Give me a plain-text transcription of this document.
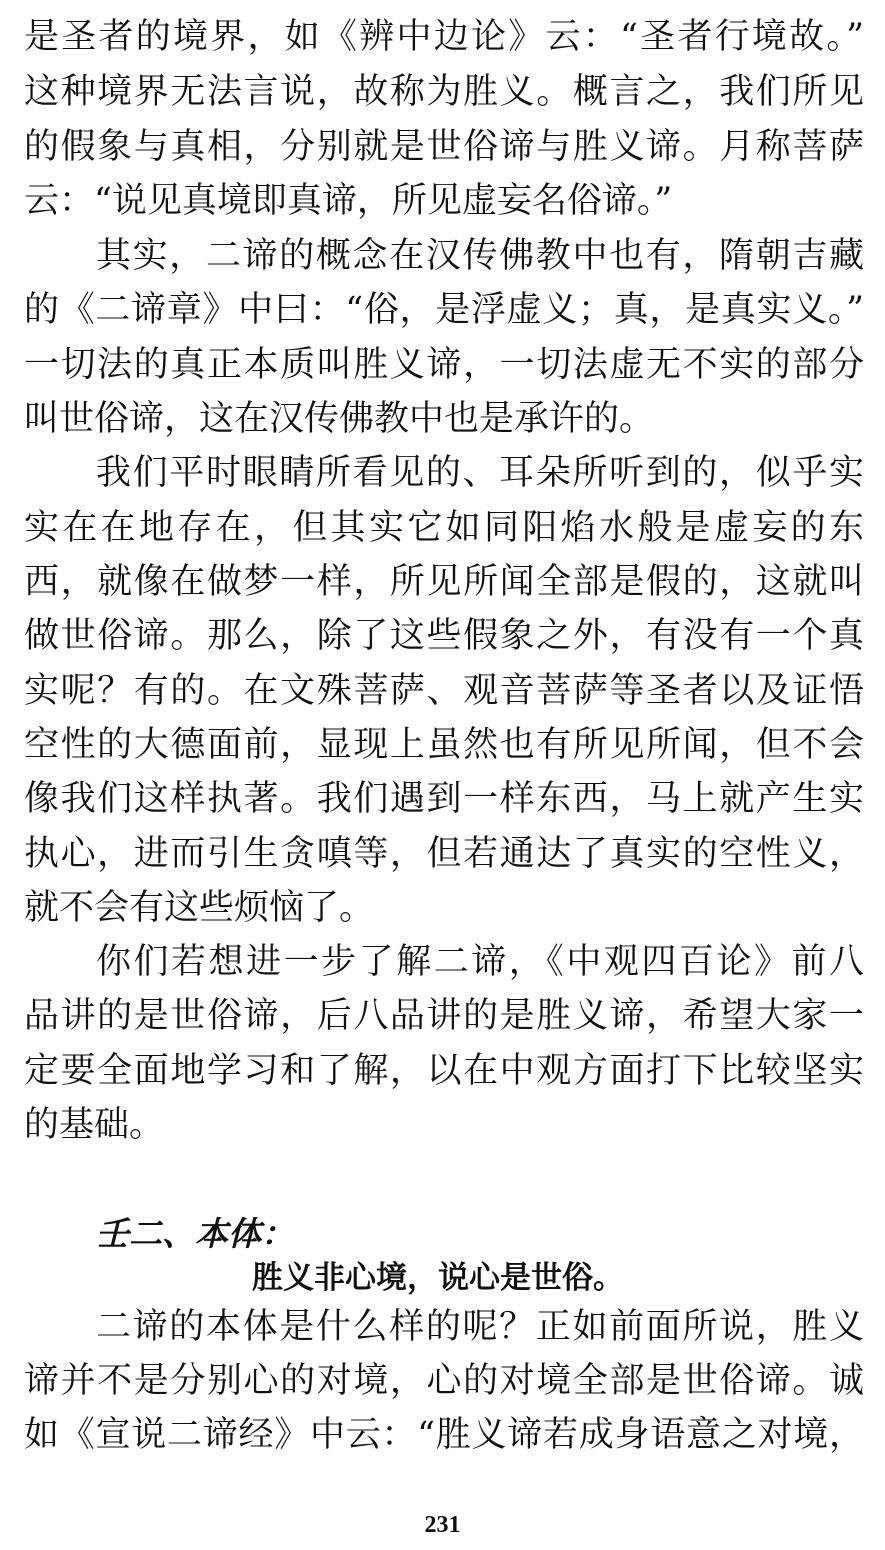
是圣者的境界，如《辨中边论》云：“圣者行境故。”
这种境界无法言说，故称为胜义。概言之，我们所见
的假象与真相，分别就是世俗谛与胜义谛。月称菩萨
云：“说见真境即真谛，所见虚妄名俗谛。”
其实，二谛的概念在汉传佛教中也有，隋朝吉藏
的《二谛章》中曰：“俗，是浮虚义；真，是真实义。”
一切法的真正本质叫胜义谛，一切法虚无不实的部分
叫世俗谛，这在汉传佛教中也是承许的。
我们平时眼睛所看见的、耳朵所听到的，似乎实
实在在地存在，但其实它如同阳焰水般是虚妄的东
西，就像在做梦一样，所见所闻全部是假的，这就叫
做世俗谛。那么，除了这些假象之外，有没有一个真
实呢？有的。在文殊菩萨、观音菩萨等圣者以及证悟
空性的大德面前，显现上虽然也有所见所闻，但不会
像我们这样执著。我们遇到一样东西，马上就产生实
执心，进而引生贪嗔等，但若通达了真实的空性义，
就不会有这些烦恼了。
你们若想进一步了解二谛，《中观四百论》前八
品讲的是世俗谛，后八品讲的是胜义谛，希望大家一
定要全面地学习和了解，以在中观方面打下比较坚实
的基础。
壬二、本体：
胜义非心境，说心是世俗。
二谛的本体是什么样的呢？正如前面所说，胜义
谛并不是分别心的对境，心的对境全部是世俗谛。诚
如《宣说二谛经》中云：“胜义谛若成身语意之对境，
231
